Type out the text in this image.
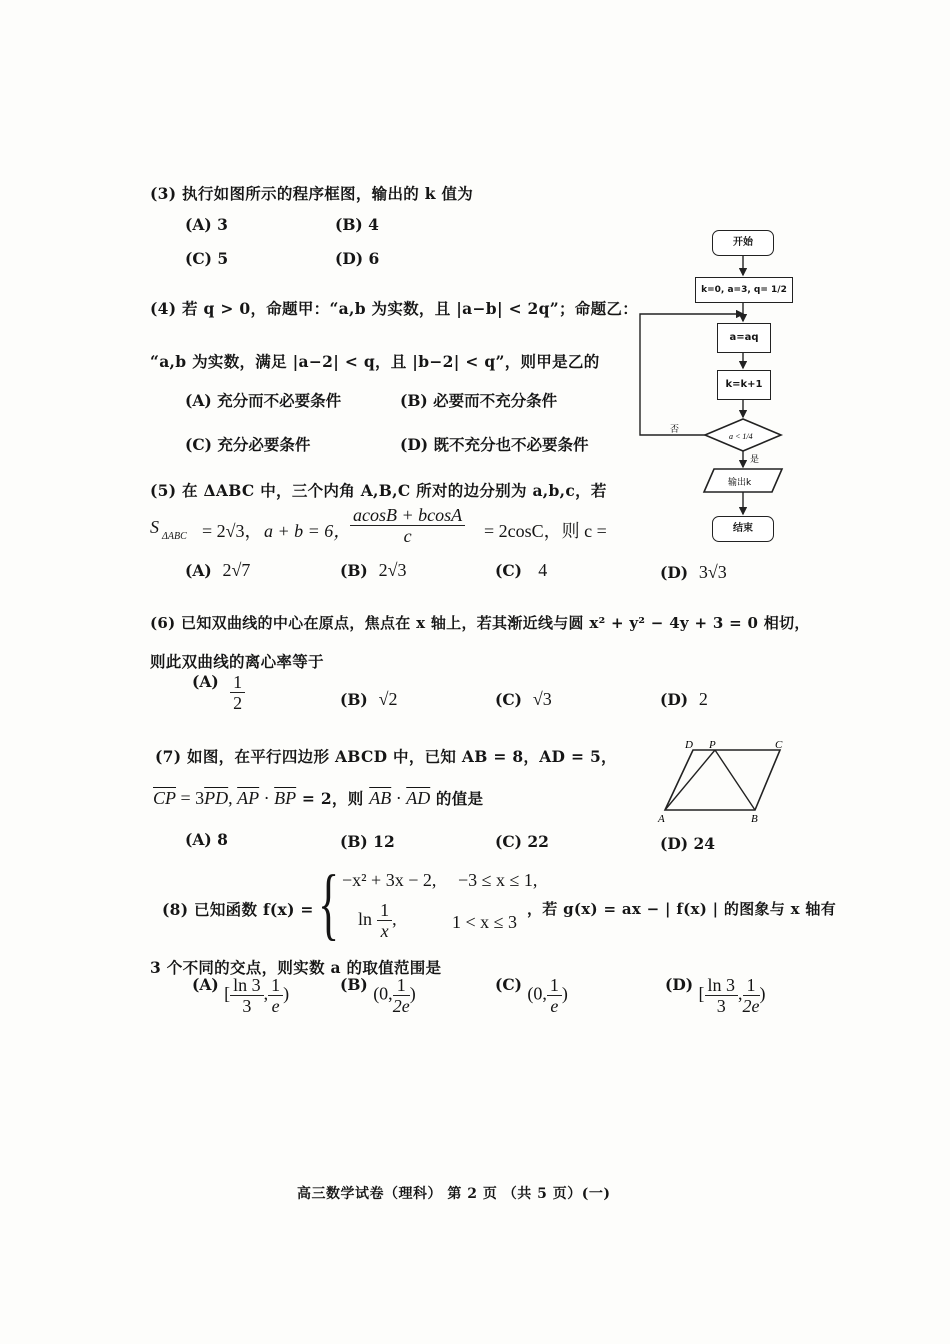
(3) 执行如图所示的程序框图，输出的 k 值为
(A) 3	(B) 4
(C) 5	(D) 6
(4) 若 q > 0，命题甲：“a,b 为实数，且 |a−b| < 2q”；命题乙：
“a,b 为实数，满足 |a−2| < q，且 |b−2| < q”，则甲是乙的
(A) 充分而不必要条件	(B) 必要而不充分条件
(C) 充分必要条件	(D) 既不充分也不必要条件
(5) 在 ΔABC 中，三个内角 A,B,C 所对的边分别为 a,b,c，若
S ΔABC = 2√3， a + b = 6，
$\frac{acosB + bcosA}{c} = 2\cos C$，则 c =
(A) 2√7	(B) 2√3	(C) 4	(D) 3√3
(6) 已知双曲线的中心在原点，焦点在 x 轴上，若其渐近线与圆 x² + y² − 4y + 3 = 0 相切，
则此双曲线的离心率等于
$(A) \frac{1}{2}$	(B) √2	(C) √3	(D) 2
(7) 如图，在平行四边形 ABCD 中，已知 AB = 8，AD = 5，
$\overline{CP} = 3\overline{PD}$, $\overline{AP} \cdot \overline{BP} = 2$，则 $\overline{AB} \cdot \overline{AD}$ 的值是
(A) 8	(B) 12	(C) 22	(D) 24
D P	C
A	B
(8) 已知函数 f(x) = { −x² + 3x − 2, −3 ≤ x ≤ 1,
$\ln \frac{1}{x}$ ,	1 < x ≤ 3
，若 g(x) = ax − | f(x) | 的图象与 x 轴有
3 个不同的交点，则实数 a 的取值范围是
(A) [ $\frac{\ln 3}{3}$ , $\frac{1}{e}$ )	(B) (0, $\frac{1}{2e}$ )	(C) (0, $\frac{1}{e}$ )	(D) [ $\frac{\ln 3}{3}$ , $\frac{1}{2e}$ )
a < 1/4
否
是
输出k
开始
k=0, a=3, q= 1/2
a=aq
k=k+1
结束
高三数学试卷（理科） 第 2 页 （共 5 页）(一)
